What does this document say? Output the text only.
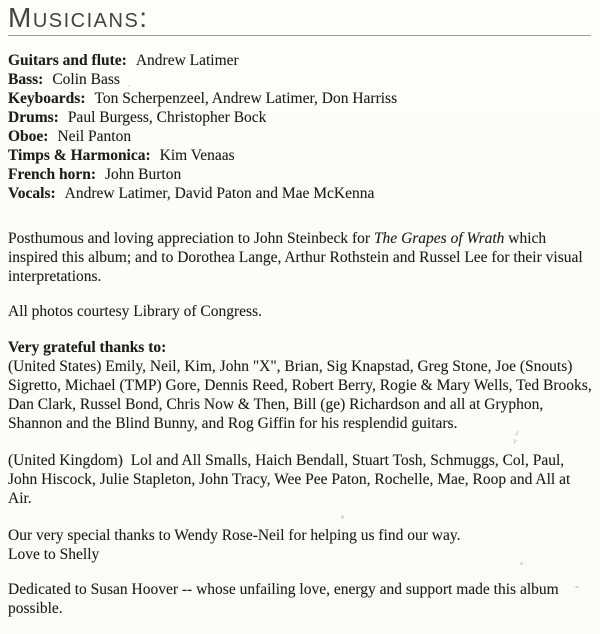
Musicians:
Guitars and flute: Andrew Latimer
Bass: Colin Bass
Keyboards: Ton Scherpenzeel, Andrew Latimer, Don Harriss
Drums: Paul Burgess, Christopher Bock
Oboe: Neil Panton
Timps & Harmonica: Kim Venaas
French horn: John Burton
Vocals: Andrew Latimer, David Paton and Mae McKenna

Posthumous and loving appreciation to John Steinbeck for The Grapes of Wrath which inspired this album; and to Dorothea Lange, Arthur Rothstein and Russel Lee for their visual interpretations.

All photos courtesy Library of Congress.

Very grateful thanks to:

(United States) Emily, Neil, Kim, John "X", Brian, Sig Knapstad, Greg Stone, Joe (Snouts) Sigretto, Michael (TMP) Gore, Dennis Reed, Robert Berry, Rogie & Mary Wells, Ted Brooks, Dan Clark, Russel Bond, Chris Now & Then, Bill (ge) Richardson and all at Gryphon, Shannon and the Blind Bunny, and Rog Giffin for his resplendid guitars.

(United Kingdom)  Lol and All Smalls, Haich Bendall, Stuart Tosh, Schmuggs, Col, Paul, John Hiscock, Julie Stapleton, John Tracy, Wee Pee Paton, Rochelle, Mae, Roop and All at Air.

Our very special thanks to Wendy Rose-Neil for helping us find our way.

Love to Shelly

Dedicated to Susan Hoover -- whose unfailing love, energy and support made this album possible.

ɹ
ʏ
